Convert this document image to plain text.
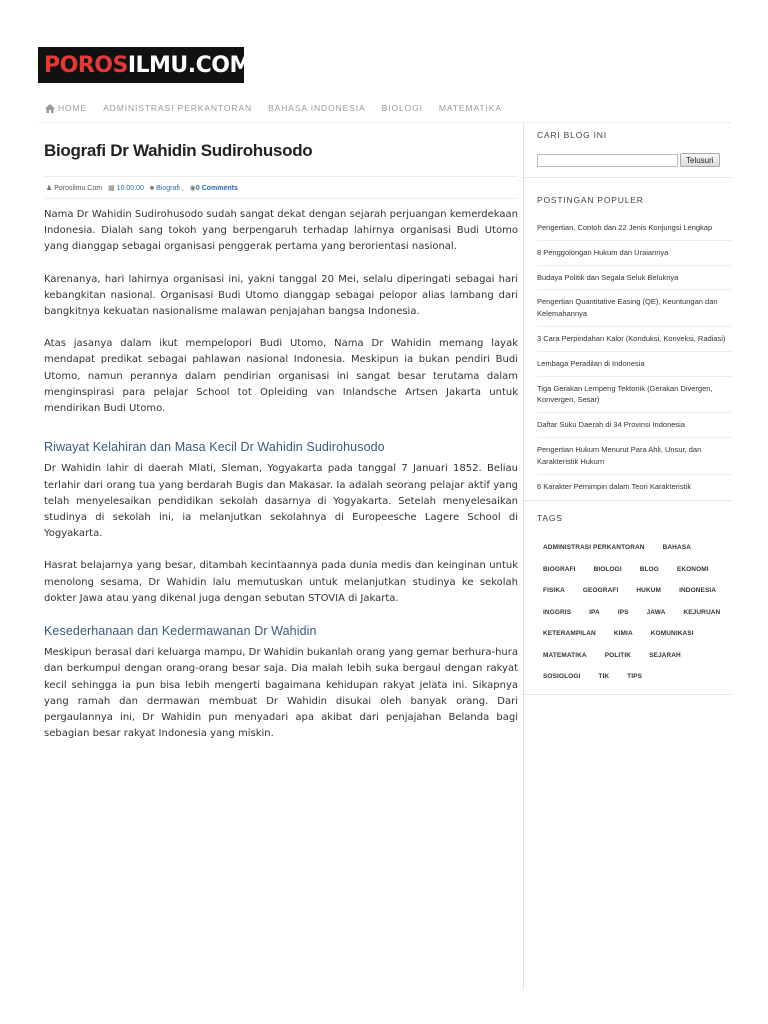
POROS ILMU.COM
HOME ADMINISTRASI PERKANTORAN BAHASA INDONESIA BIOLOGI MATEMATIKA
Biografi Dr Wahidin Sudirohusodo
♟ Porosilmu.Com ▦ 10.00.00 ■ Biografi , ◉0 Comments

Nama Dr Wahidin Sudirohusodo sudah sangat dekat dengan sejarah perjuangan kemerdekaan Indonesia. Dialah sang tokoh yang berpengaruh terhadap lahirnya organisasi Budi Utomo yang dianggap sebagai organisasi penggerak pertama yang berorientasi nasional.

Karenanya, hari lahirnya organisasi ini, yakni tanggal 20 Mei, selalu diperingati sebagai hari kebangkitan nasional. Organisasi Budi Utomo dianggap sebagai pelopor alias lambang dari bangkitnya kekuatan nasionalisme malawan penjajahan bangsa Indonesia.

Atas jasanya dalam ikut mempelopori Budi Utomo, Nama Dr Wahidin memang layak mendapat predikat sebagai pahlawan nasional Indonesia. Meskipun ia bukan pendiri Budi Utomo, namun perannya dalam pendirian organisasi ini sangat besar terutama dalam menginspirasi para pelajar School tot Opleiding van Inlandsche Artsen Jakarta untuk mendirikan Budi Utomo.

Riwayat Kelahiran dan Masa Kecil Dr Wahidin Sudirohusodo

Dr Wahidin lahir di daerah Mlati, Sleman, Yogyakarta pada tanggal 7 Januari 1852. Beliau terlahir dari orang tua yang berdarah Bugis dan Makasar. Ia adalah seorang pelajar aktif yang telah menyelesaikan pendidikan sekolah dasarnya di Yogyakarta. Setelah menyelesaikan studinya di sekolah ini, ia melanjutkan sekolahnya di Europeesche Lagere School di Yogyakarta.

Hasrat belajarnya yang besar, ditambah kecintaannya pada dunia medis dan keinginan untuk menolong sesama, Dr Wahidin lalu memutuskan untuk melanjutkan studinya ke sekolah dokter Jawa atau yang dikenal juga dengan sebutan STOVIA di Jakarta.

Kesederhanaan dan Kedermawanan Dr Wahidin

Meskipun berasal dari keluarga mampu, Dr Wahidin bukanlah orang yang gemar berhura-hura dan berkumpul dengan orang-orang besar saja. Dia malah lebih suka bergaul dengan rakyat kecil sehingga ia pun bisa lebih mengerti bagaimana kehidupan rakyat jelata ini. Sikapnya yang ramah dan dermawan membuat Dr Wahidin disukai oleh banyak orang. Dari pergaulannya ini, Dr Wahidin pun menyadari apa akibat dari penjajahan Belanda bagi sebagian besar rakyat Indonesia yang miskin.

CARI BLOG INI
Telusuri
POSTINGAN POPULER
Pengertian, Contoh dan 22 Jenis Konjungsi Lengkap
8 Penggolongan Hukum dan Uraiannya
Budaya Politik dan Segala Seluk Beluknya
Pengertian Quantitative Easing (QE), Keuntungan dan Kelemahannya
3 Cara Perpindahan Kalor (Konduksi, Konveksi, Radiasi)
Lembaga Peradilan di Indonesia
Tiga Gerakan Lempeng Tektonik (Gerakan Divergen, Konvergen, Sesar)
Daftar Suku Daerah di 34 Provinsi Indonesia
Pengertian Hukum Menurut Para Ahli, Unsur, dan Karakteristik Hukum
6 Karakter Pemimpin dalam Teori Karakteristik
TAGS
ADMINISTRASI PERKANTORAN	BAHASA
BIOGRAFI	BIOLOGI	BLOG	EKONOMI
FISIKA	GEOGRAFI	HUKUM	INDONESIA
INGGRIS	IPA	IPS	JAWA	KEJURUAN
KETERAMPILAN	KIMIA	KOMUNIKASI
MATEMATIKA	POLITIK	SEJARAH
SOSIOLOGI	TIK	TIPS
